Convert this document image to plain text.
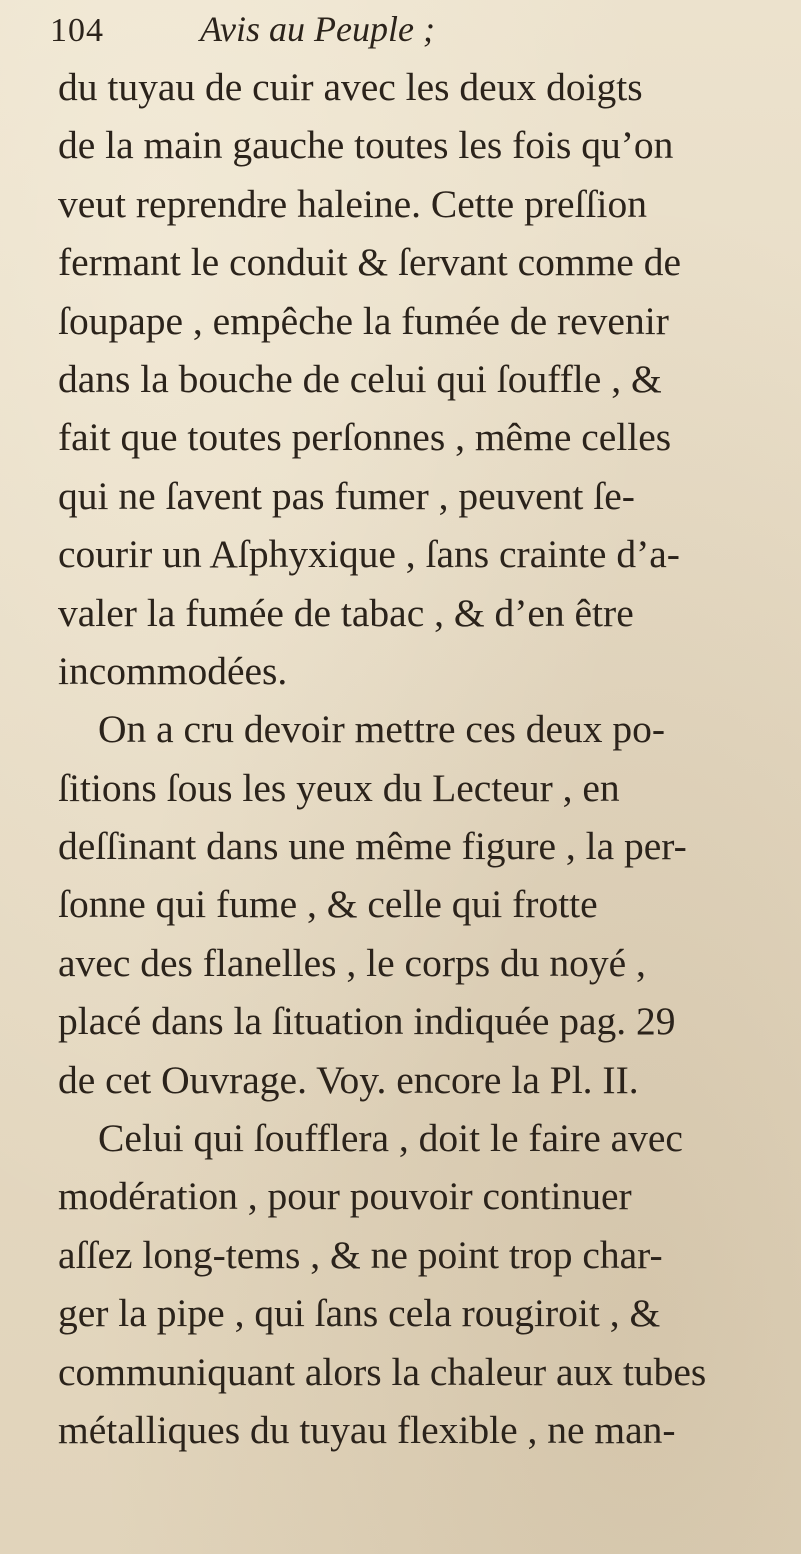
104	Avis au Peuple ;
du tuyau de cuir avec les deux doigts
de la main gauche toutes les fois qu’on
veut reprendre haleine. Cette preſſion
fermant le conduit & ſervant comme de
ſoupape , empêche la fumée de revenir
dans la bouche de celui qui ſouffle , &
fait que toutes perſonnes , même celles
qui ne ſavent pas fumer , peuvent ſe-
courir un Aſphyxique , ſans crainte d’a-
valer la fumée de tabac , & d’en être
incommodées.
On a cru devoir mettre ces deux po-
ſitions ſous les yeux du Lecteur , en
deſſinant dans une même figure , la per-
ſonne qui fume , & celle qui frotte
avec des flanelles , le corps du noyé ,
placé dans la ſituation indiquée pag. 29
de cet Ouvrage. Voy. encore la Pl. II.
Celui qui ſoufflera , doit le faire avec
modération , pour pouvoir continuer
aſſez long-tems , & ne point trop char-
ger la pipe , qui ſans cela rougiroit , &
communiquant alors la chaleur aux tubes
métalliques du tuyau flexible , ne man-
